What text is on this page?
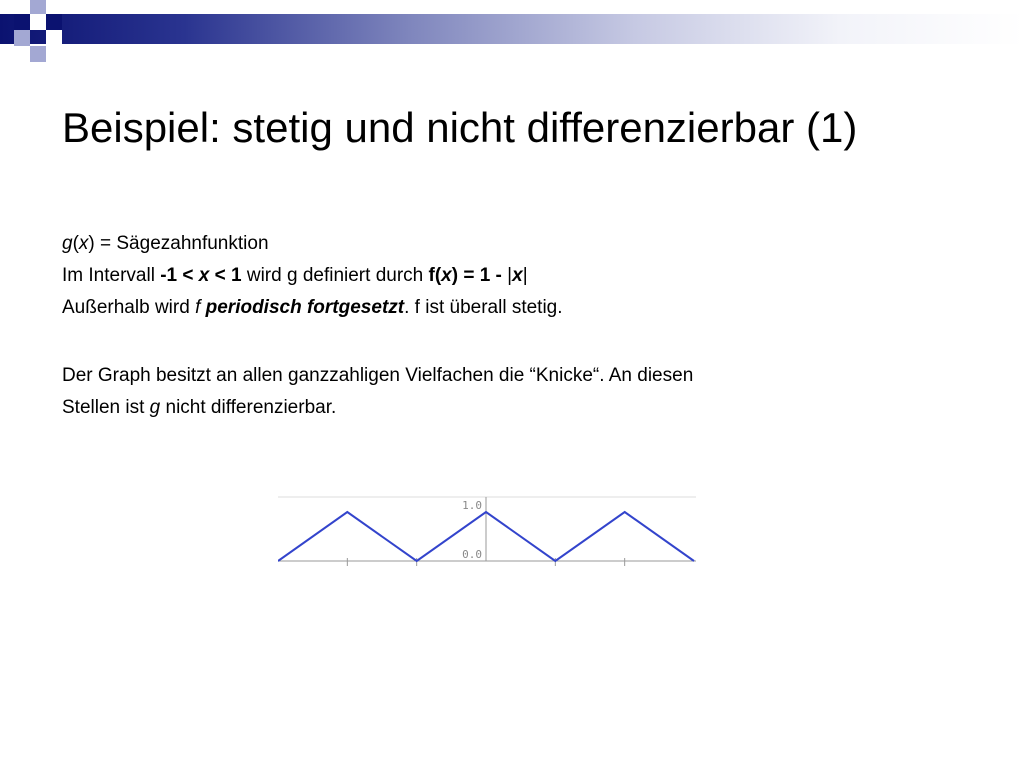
Beispiel: stetig und nicht differenzierbar (1)
g(x) = Sägezahnfunktion
Im Intervall -1 < x < 1 wird g definiert durch f(x) = 1 - |x|
Außerhalb wird f periodisch fortgesetzt. f ist überall stetig.
Der Graph besitzt an allen ganzzahligen Vielfachen die “Knicke“. An diesen
Stellen ist g nicht differenzierbar.
1.0
0.0
